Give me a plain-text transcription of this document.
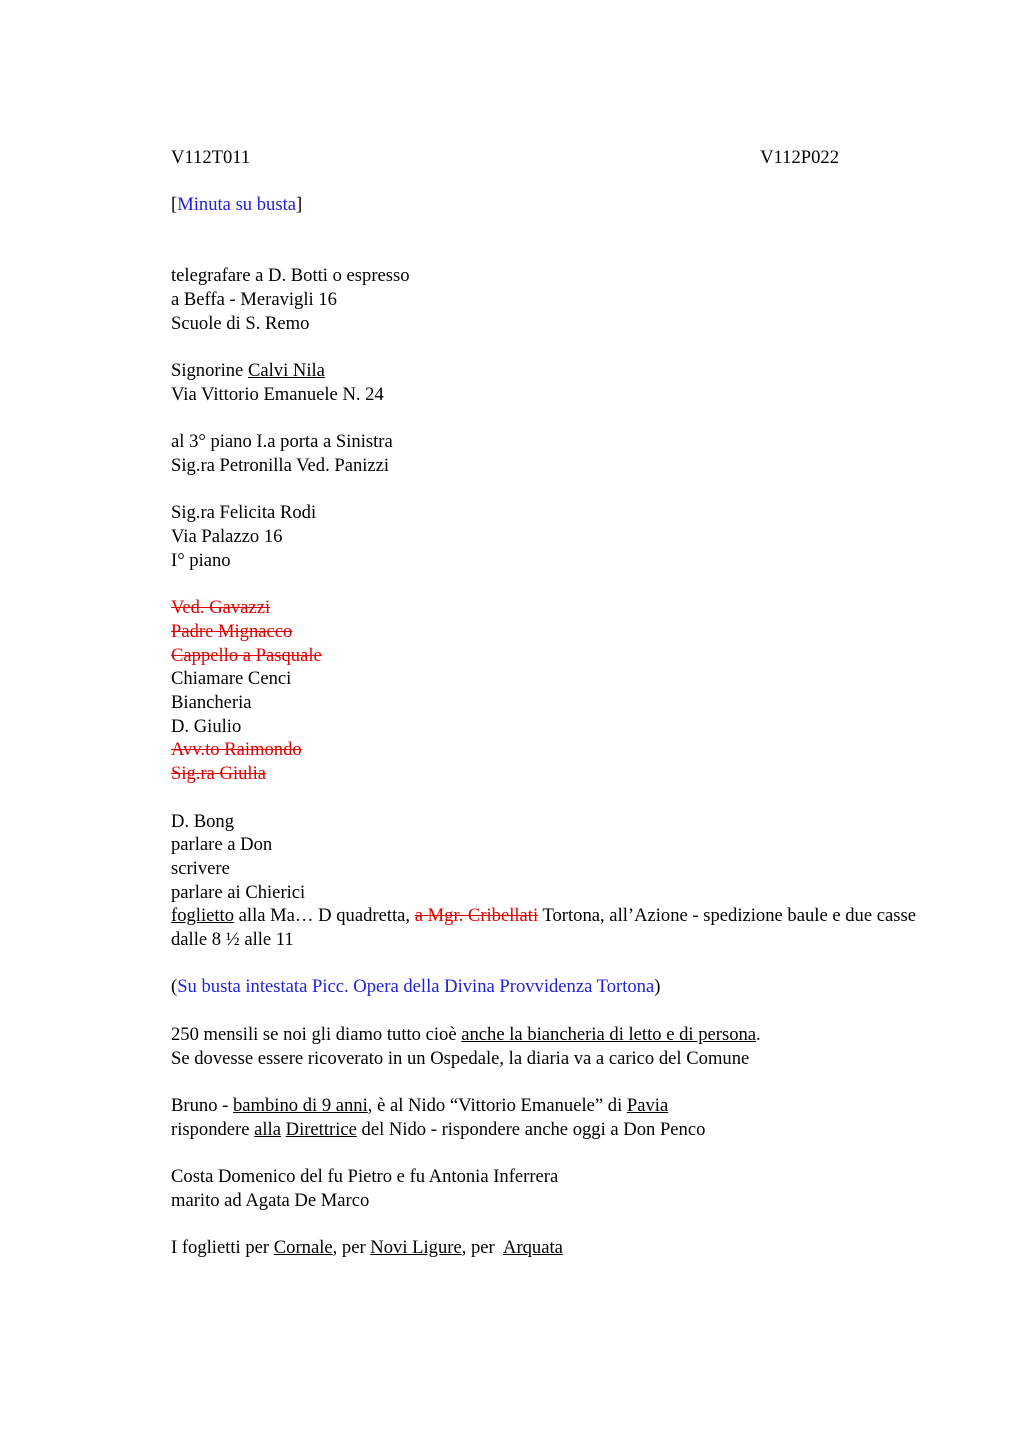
V112T011	V112P022
[Minuta su busta]
telegrafare a D. Botti o espresso
a Beffa - Meravigli 16
Scuole di S. Remo
Signorine Calvi Nila
Via Vittorio Emanuele N. 24
al 3° piano I.a porta a Sinistra
Sig.ra Petronilla Ved. Panizzi
Sig.ra Felicita Rodi
Via Palazzo 16
I° piano
Ved. Gavazzi
Padre Mignacco
Cappello a Pasquale
Chiamare Cenci
Biancheria
D. Giulio
Avv.to Raimondo
Sig.ra Giulia
D. Bong
parlare a Don
scrivere
parlare ai Chierici
foglietto alla Ma… D quadretta, a Mgr. Cribellati Tortona, all’Azione - spedizione baule e due casse dalle 8 ½ alle 11
(Su busta intestata Picc. Opera della Divina Provvidenza Tortona)
250 mensili se noi gli diamo tutto cioè anche la biancheria di letto e di persona.
Se dovesse essere ricoverato in un Ospedale, la diaria va a carico del Comune
Bruno - bambino di 9 anni, è al Nido “Vittorio Emanuele” di Pavia
rispondere alla Direttrice del Nido - rispondere anche oggi a Don Penco
Costa Domenico del fu Pietro e fu Antonia Inferrera
marito ad Agata De Marco
I foglietti per Cornale, per Novi Ligure, per  Arquata
